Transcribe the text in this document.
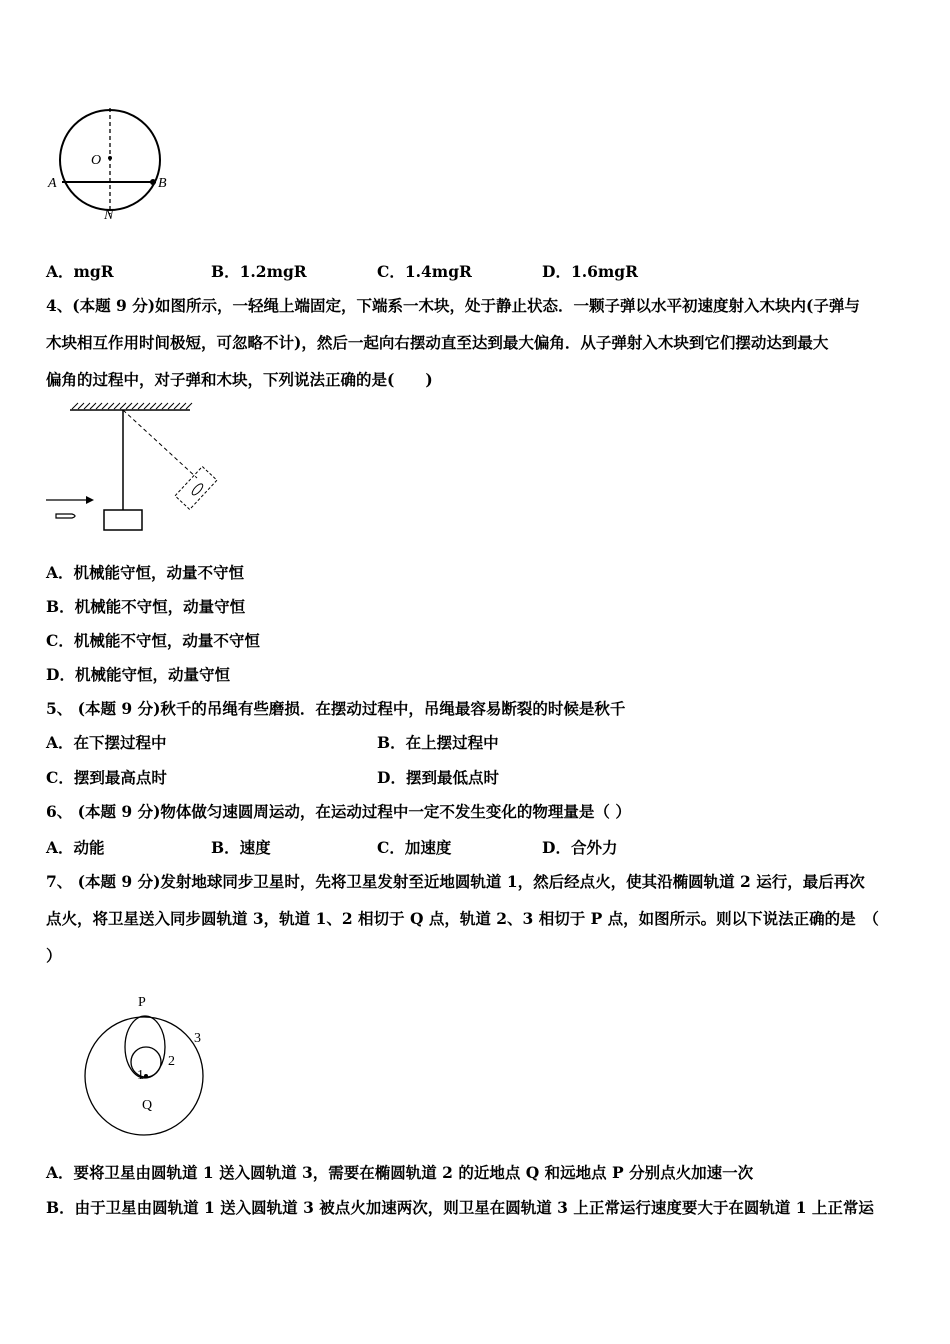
O
A	B
N
A．mgR	B．1.2mgR	C．1.4mgR	D．1.6mgR
4、(本题 9 分)如图所示，一轻绳上端固定，下端系一木块，处于静止状态．一颗子弹以水平初速度射入木块内(子弹与
木块相互作用时间极短，可忽略不计)，然后一起向右摆动直至达到最大偏角．从子弹射入木块到它们摆动达到最大
偏角的过程中，对子弹和木块，下列说法正确的是(　　)
A．机械能守恒，动量不守恒
B．机械能不守恒，动量守恒
C．机械能不守恒，动量不守恒
D．机械能守恒，动量守恒
5、 (本题 9 分)秋千的吊绳有些磨损．在摆动过程中，吊绳最容易断裂的时候是秋千
A．在下摆过程中	B．在上摆过程中
C．摆到最高点时	D．摆到最低点时
6、 (本题 9 分)物体做匀速圆周运动，在运动过程中一定不发生变化的物理量是（ ）
A．动能	B．速度	C．加速度	D．合外力
7、 (本题 9 分)发射地球同步卫星时，先将卫星发射至近地圆轨道 1，然后经点火，使其沿椭圆轨道 2 运行，最后再次
点火，将卫星送入同步圆轨道 3，轨道 1、2 相切于 Q 点，轨道 2、3 相切于 P 点，如图所示。则以下说法正确的是　（
）
P
Q
1
2
3
A．要将卫星由圆轨道 1 送入圆轨道 3，需要在椭圆轨道 2 的近地点 Q 和远地点 P 分别点火加速一次
B．由于卫星由圆轨道 1 送入圆轨道 3 被点火加速两次，则卫星在圆轨道 3 上正常运行速度要大于在圆轨道 1 上正常运
